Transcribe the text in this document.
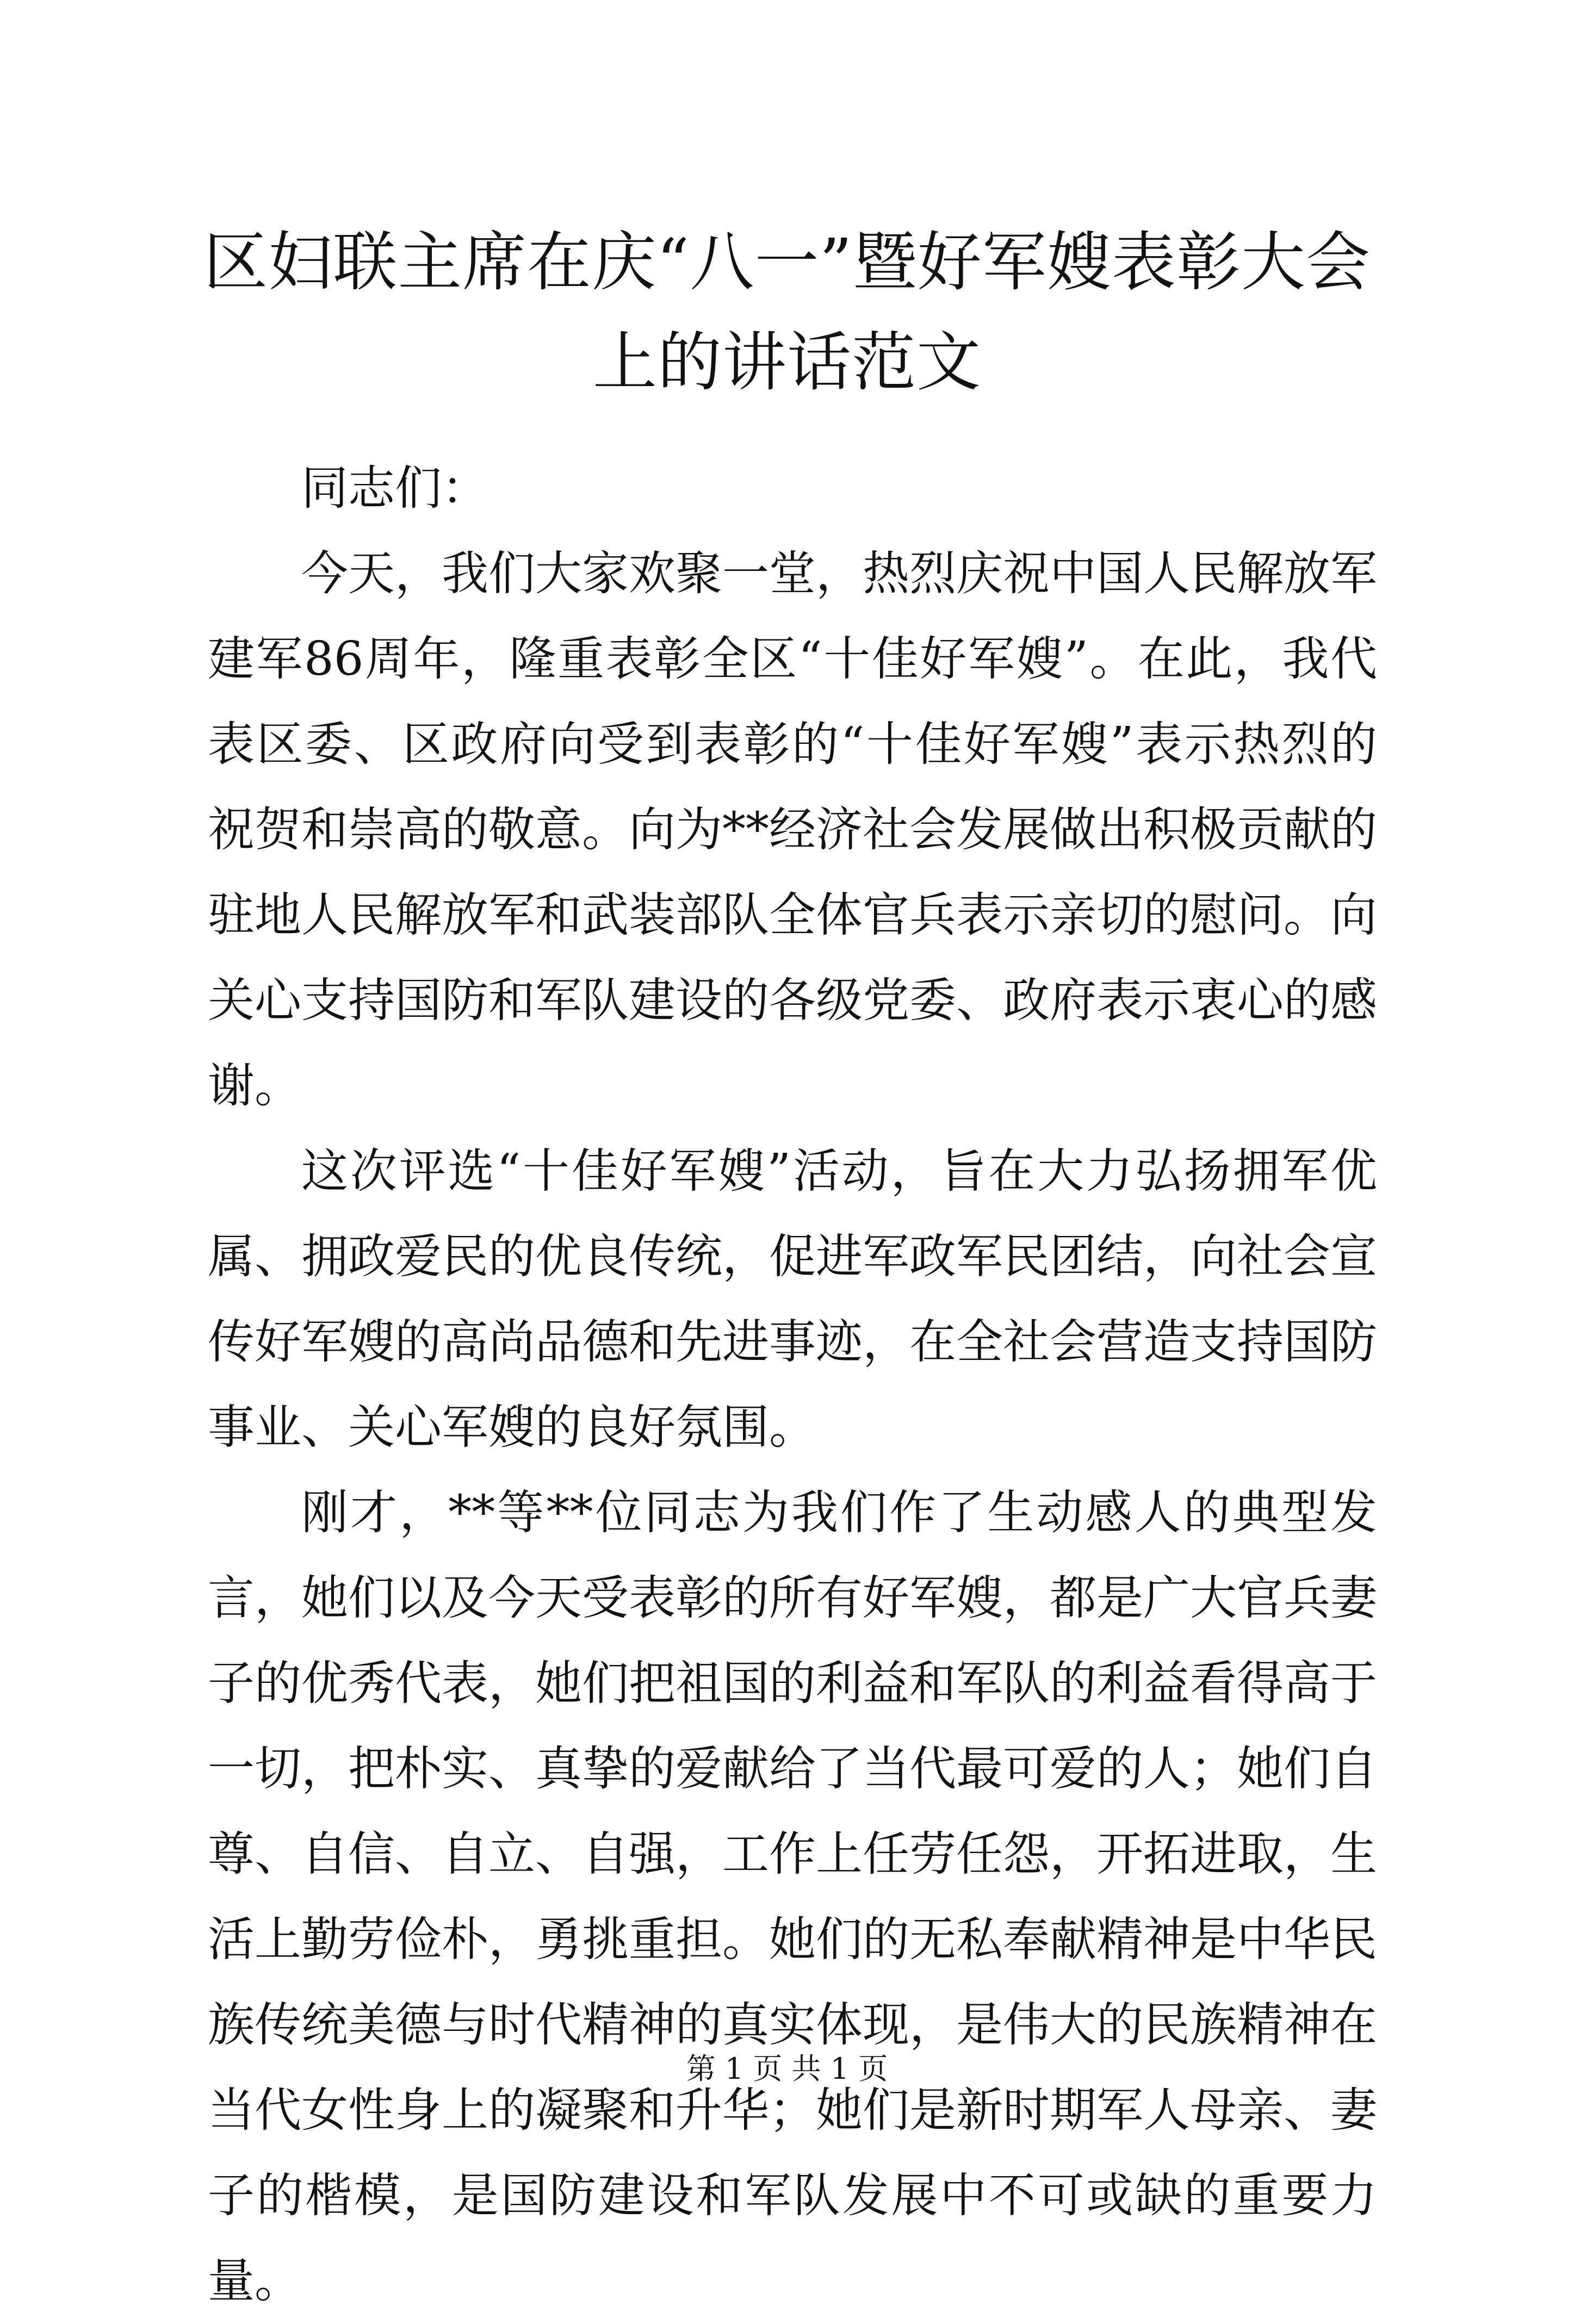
区妇联主席在庆“八一”暨好军嫂表彰大会上的讲话范文

同志们：

今天，我们大家欢聚一堂，热烈庆祝中国人民解放军建军86周年，隆重表彰全区“十佳好军嫂”。在此，我代表区委、区政府向受到表彰的“十佳好军嫂”表示热烈的祝贺和崇高的敬意。向为**经济社会发展做出积极贡献的驻地人民解放军和武装部队全体官兵表示亲切的慰问。向关心支持国防和军队建设的各级党委、政府表示衷心的感谢。

这次评选“十佳好军嫂”活动，旨在大力弘扬拥军优属、拥政爱民的优良传统，促进军政军民团结，向社会宣传好军嫂的高尚品德和先进事迹，在全社会营造支持国防事业、关心军嫂的良好氛围。

刚才，**等**位同志为我们作了生动感人的典型发言，她们以及今天受表彰的所有好军嫂，都是广大官兵妻子的优秀代表，她们把祖国的利益和军队的利益看得高于一切，把朴实、真挚的爱献给了当代最可爱的人；她们自尊、自信、自立、自强，工作上任劳任怨，开拓进取，生活上勤劳俭朴，勇挑重担。她们的无私奉献精神是中华民族传统美德与时代精神的真实体现，是伟大的民族精神在当代女性身上的凝聚和升华；她们是新时期军人母亲、妻子的楷模，是国防建设和军队发展中不可或缺的重要力量。

第 1 页 共 1 页
